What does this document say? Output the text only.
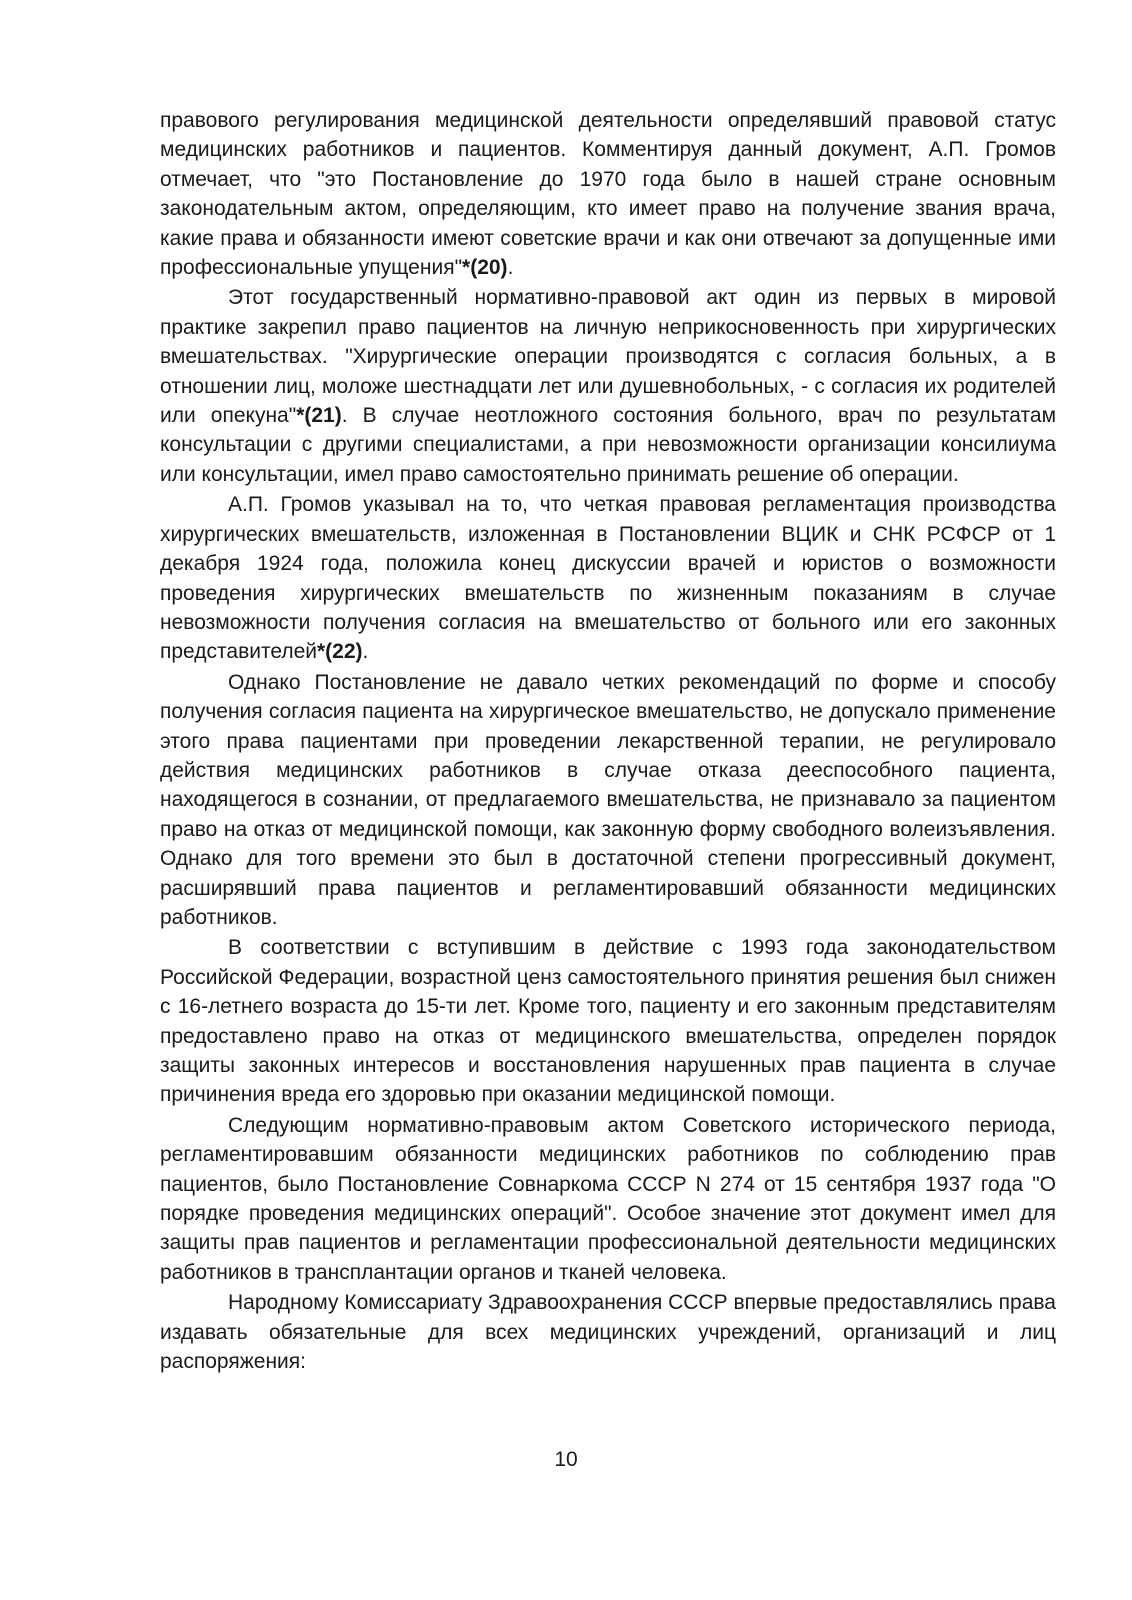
правового регулирования медицинской деятельности определявший правовой статус медицинских работников и пациентов. Комментируя данный документ, А.П. Громов отмечает, что "это Постановление до 1970 года было в нашей стране основным законодательным актом, определяющим, кто имеет право на получение звания врача, какие права и обязанности имеют советские врачи и как они отвечают за допущенные ими профессиональные упущения"*(20).

Этот государственный нормативно-правовой акт один из первых в мировой практике закрепил право пациентов на личную неприкосновенность при хирургических вмешательствах. "Хирургические операции производятся с согласия больных, а в отношении лиц, моложе шестнадцати лет или душевнобольных, - с согласия их родителей или опекуна"*(21). В случае неотложного состояния больного, врач по результатам консультации с другими специалистами, а при невозможности организации консилиума или консультации, имел право самостоятельно принимать решение об операции.

А.П. Громов указывал на то, что четкая правовая регламентация производства хирургических вмешательств, изложенная в Постановлении ВЦИК и СНК РСФСР от 1 декабря 1924 года, положила конец дискуссии врачей и юристов о возможности проведения хирургических вмешательств по жизненным показаниям в случае невозможности получения согласия на вмешательство от больного или его законных представителей*(22).

Однако Постановление не давало четких рекомендаций по форме и способу получения согласия пациента на хирургическое вмешательство, не допускало применение этого права пациентами при проведении лекарственной терапии, не регулировало действия медицинских работников в случае отказа дееспособного пациента, находящегося в сознании, от предлагаемого вмешательства, не признавало за пациентом право на отказ от медицинской помощи, как законную форму свободного волеизъявления. Однако для того времени это был в достаточной степени прогрессивный документ, расширявший права пациентов и регламентировавший обязанности медицинских работников.

В соответствии с вступившим в действие с 1993 года законодательством Российской Федерации, возрастной ценз самостоятельного принятия решения был снижен с 16-летнего возраста до 15-ти лет. Кроме того, пациенту и его законным представителям предоставлено право на отказ от медицинского вмешательства, определен порядок защиты законных интересов и восстановления нарушенных прав пациента в случае причинения вреда его здоровью при оказании медицинской помощи.

Следующим нормативно-правовым актом Советского исторического периода, регламентировавшим обязанности медицинских работников по соблюдению прав пациентов, было Постановление Совнаркома СССР N 274 от 15 сентября 1937 года "О порядке проведения медицинских операций". Особое значение этот документ имел для защиты прав пациентов и регламентации профессиональной деятельности медицинских работников в трансплантации органов и тканей человека.

Народному Комиссариату Здравоохранения СССР впервые предоставлялись права издавать обязательные для всех медицинских учреждений, организаций и лиц распоряжения:

10
